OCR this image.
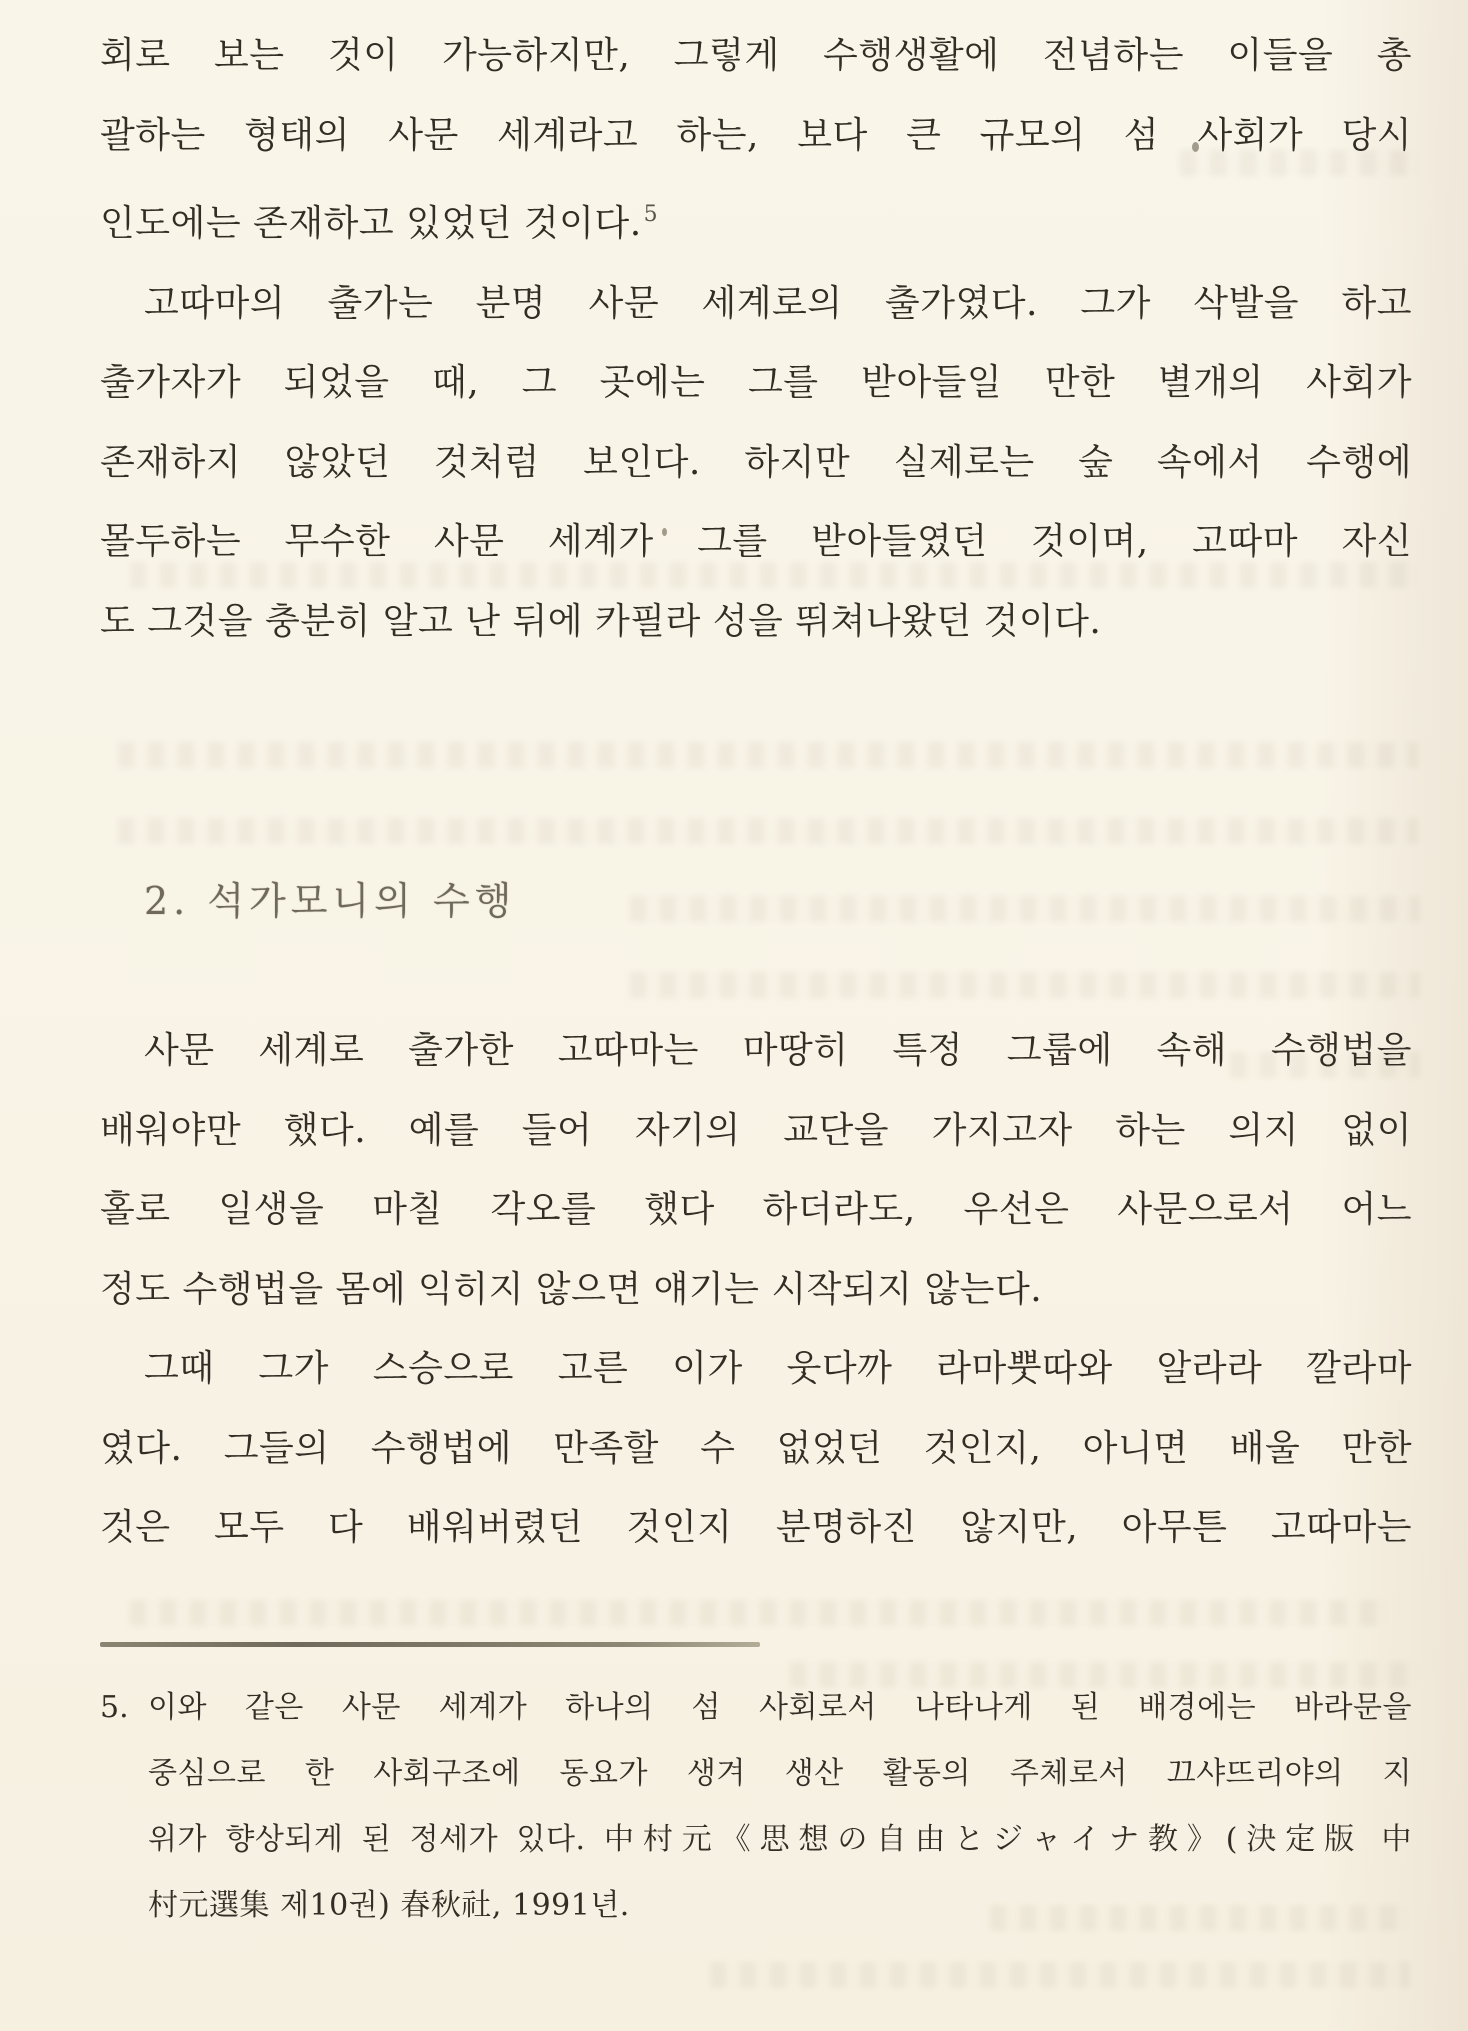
회로 보는 것이 가능하지만, 그렇게 수행생활에 전념하는 이들을 총
괄하는 형태의 사문 세계라고 하는, 보다 큰 규모의 섬 사회가 당시
인도에는 존재하고 있었던 것이다.$^5$
고따마의 출가는 분명 사문 세계로의 출가였다. 그가 삭발을 하고
출가자가 되었을 때, 그 곳에는 그를 받아들일 만한 별개의 사회가
존재하지 않았던 것처럼 보인다. 하지만 실제로는 숲 속에서 수행에
몰두하는 무수한 사문 세계가 그를 받아들였던 것이며, 고따마 자신
도 그것을 충분히 알고 난 뒤에 카필라 성을 뛰쳐나왔던 것이다.
2. 석가모니의 수행
사문 세계로 출가한 고따마는 마땅히 특정 그룹에 속해 수행법을
배워야만 했다. 예를 들어 자기의 교단을 가지고자 하는 의지 없이
홀로 일생을 마칠 각오를 했다 하더라도, 우선은 사문으로서 어느
정도 수행법을 몸에 익히지 않으면 얘기는 시작되지 않는다.
그때 그가 스승으로 고른 이가 웃다까 라마뿟따와 알라라 깔라마
였다. 그들의 수행법에 만족할 수 없었던 것인지, 아니면 배울 만한
것은 모두 다 배워버렸던 것인지 분명하진 않지만, 아무튼 고따마는
5. 이와 같은 사문 세계가 하나의 섬 사회로서 나타나게 된 배경에는 바라문을
중심으로 한 사회구조에 동요가 생겨 생산 활동의 주체로서 끄샤뜨리야의 지
위가 향상되게 된 정세가 있다. 中村元《思想の自由とジャイナ教》(決定版 中
村元選集 제10권) 春秋社, 1991년.
